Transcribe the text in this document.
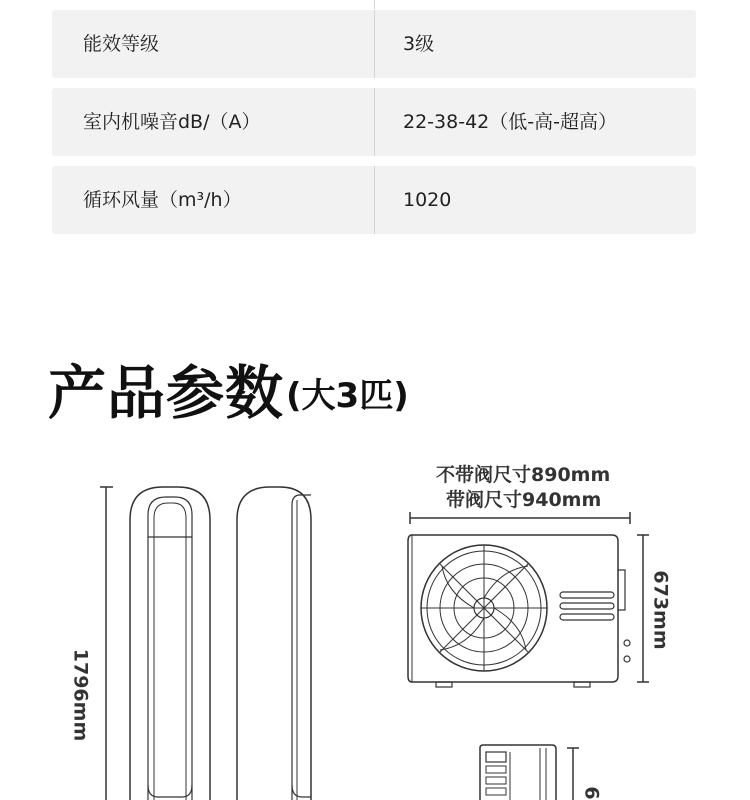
能效等级	3级
室内机噪音dB/（A）	22-38-42（低-高-超高）
循环风量（m³/h）	1020
产品参数 (大3匹)
不带阀尺寸890mm
带阀尺寸940mm
1796mm
673mm
6
